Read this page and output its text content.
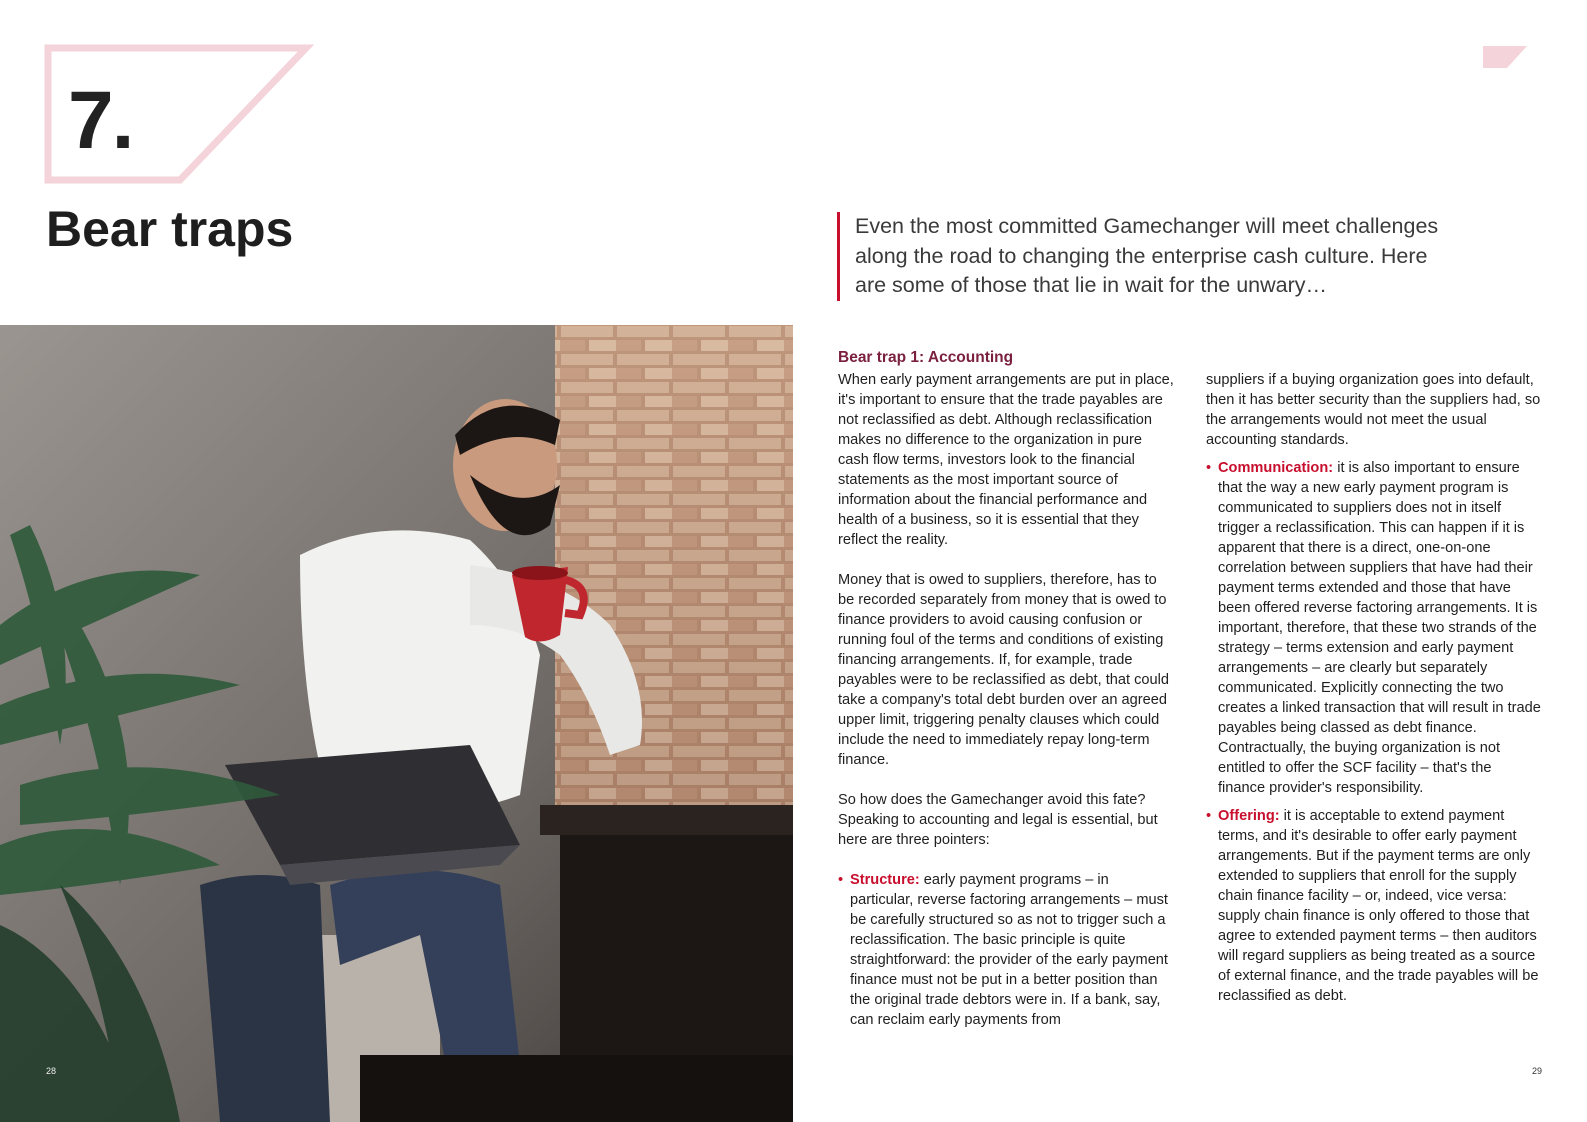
7.
Bear traps	Even the most committed Gamechanger will meet challenges along the road to changing the enterprise cash culture. Here are some of those that lie in wait for the unwary…
28	29
Bear trap 1: Accounting

When early payment arrangements are put in place, it's important to ensure that the trade payables are not reclassified as debt. Although reclassification makes no difference to the organization in pure cash flow terms, investors look to the financial statements as the most important source of information about the financial performance and health of a business, so it is essential that they reflect the reality.

Money that is owed to suppliers, therefore, has to be recorded separately from money that is owed to finance providers to avoid causing confusion or running foul of the terms and conditions of existing financing arrangements. If, for example, trade payables were to be reclassified as debt, that could take a company's total debt burden over an agreed upper limit, triggering penalty clauses which could include the need to immediately repay long-term finance.

So how does the Gamechanger avoid this fate? Speaking to accounting and legal is essential, but here are three pointers:

• Structure: early payment programs – in particular, reverse factoring arrangements – must be carefully structured so as not to trigger such a reclassification. The basic principle is quite straightforward: the provider of the early payment finance must not be put in a better position than the original trade debtors were in. If a bank, say, can reclaim early payments from

suppliers if a buying organization goes into default, then it has better security than the suppliers had, so the arrangements would not meet the usual accounting standards.

• Communication: it is also important to ensure that the way a new early payment program is communicated to suppliers does not in itself trigger a reclassification. This can happen if it is apparent that there is a direct, one-on-one correlation between suppliers that have had their payment terms extended and those that have been offered reverse factoring arrangements. It is important, therefore, that these two strands of the strategy – terms extension and early payment arrangements – are clearly but separately communicated. Explicitly connecting the two creates a linked transaction that will result in trade payables being classed as debt finance. Contractually, the buying organization is not entitled to offer the SCF facility – that's the finance provider's responsibility.
• Offering: it is acceptable to extend payment terms, and it's desirable to offer early payment arrangements. But if the payment terms are only extended to suppliers that enroll for the supply chain finance facility – or, indeed, vice versa: supply chain finance is only offered to those that agree to extended payment terms – then auditors will regard suppliers as being treated as a source of external finance, and the trade payables will be reclassified as debt.
